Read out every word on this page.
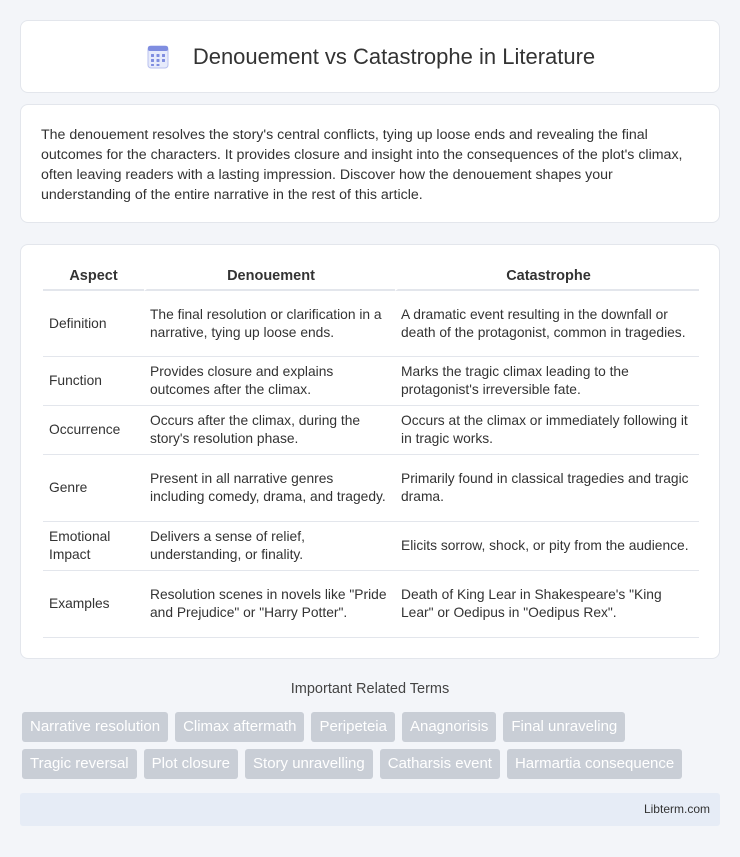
Denouement vs Catastrophe in Literature

The denouement resolves the story's central conflicts, tying up loose ends and revealing the final outcomes for the characters. It provides closure and insight into the consequences of the plot's climax, often leaving readers with a lasting impression. Discover how the denouement shapes your understanding of the entire narrative in the rest of this article.

Aspect	Denouement	Catastrophe
Definition	The final resolution or clarification in a narrative, tying up loose ends.	A dramatic event resulting in the downfall or death of the protagonist, common in tragedies.
Function	Provides closure and explains outcomes after the climax.	Marks the tragic climax leading to the protagonist's irreversible fate.
Occurrence	Occurs after the climax, during the story's resolution phase.	Occurs at the climax or immediately following it in tragic works.
Genre	Present in all narrative genres including comedy, drama, and tragedy.	Primarily found in classical tragedies and tragic drama.
Emotional Impact	Delivers a sense of relief, understanding, or finality.	Elicits sorrow, shock, or pity from the audience.
Examples	Resolution scenes in novels like "Pride and Prejudice" or "Harry Potter".	Death of King Lear in Shakespeare's "King Lear" or Oedipus in "Oedipus Rex".
Important Related Terms
Narrative resolution	Climax aftermath	Peripeteia	Anagnorisis	Final unraveling
Tragic reversal	Plot closure	Story unravelling	Catharsis event	Harmartia consequence
Libterm.com
